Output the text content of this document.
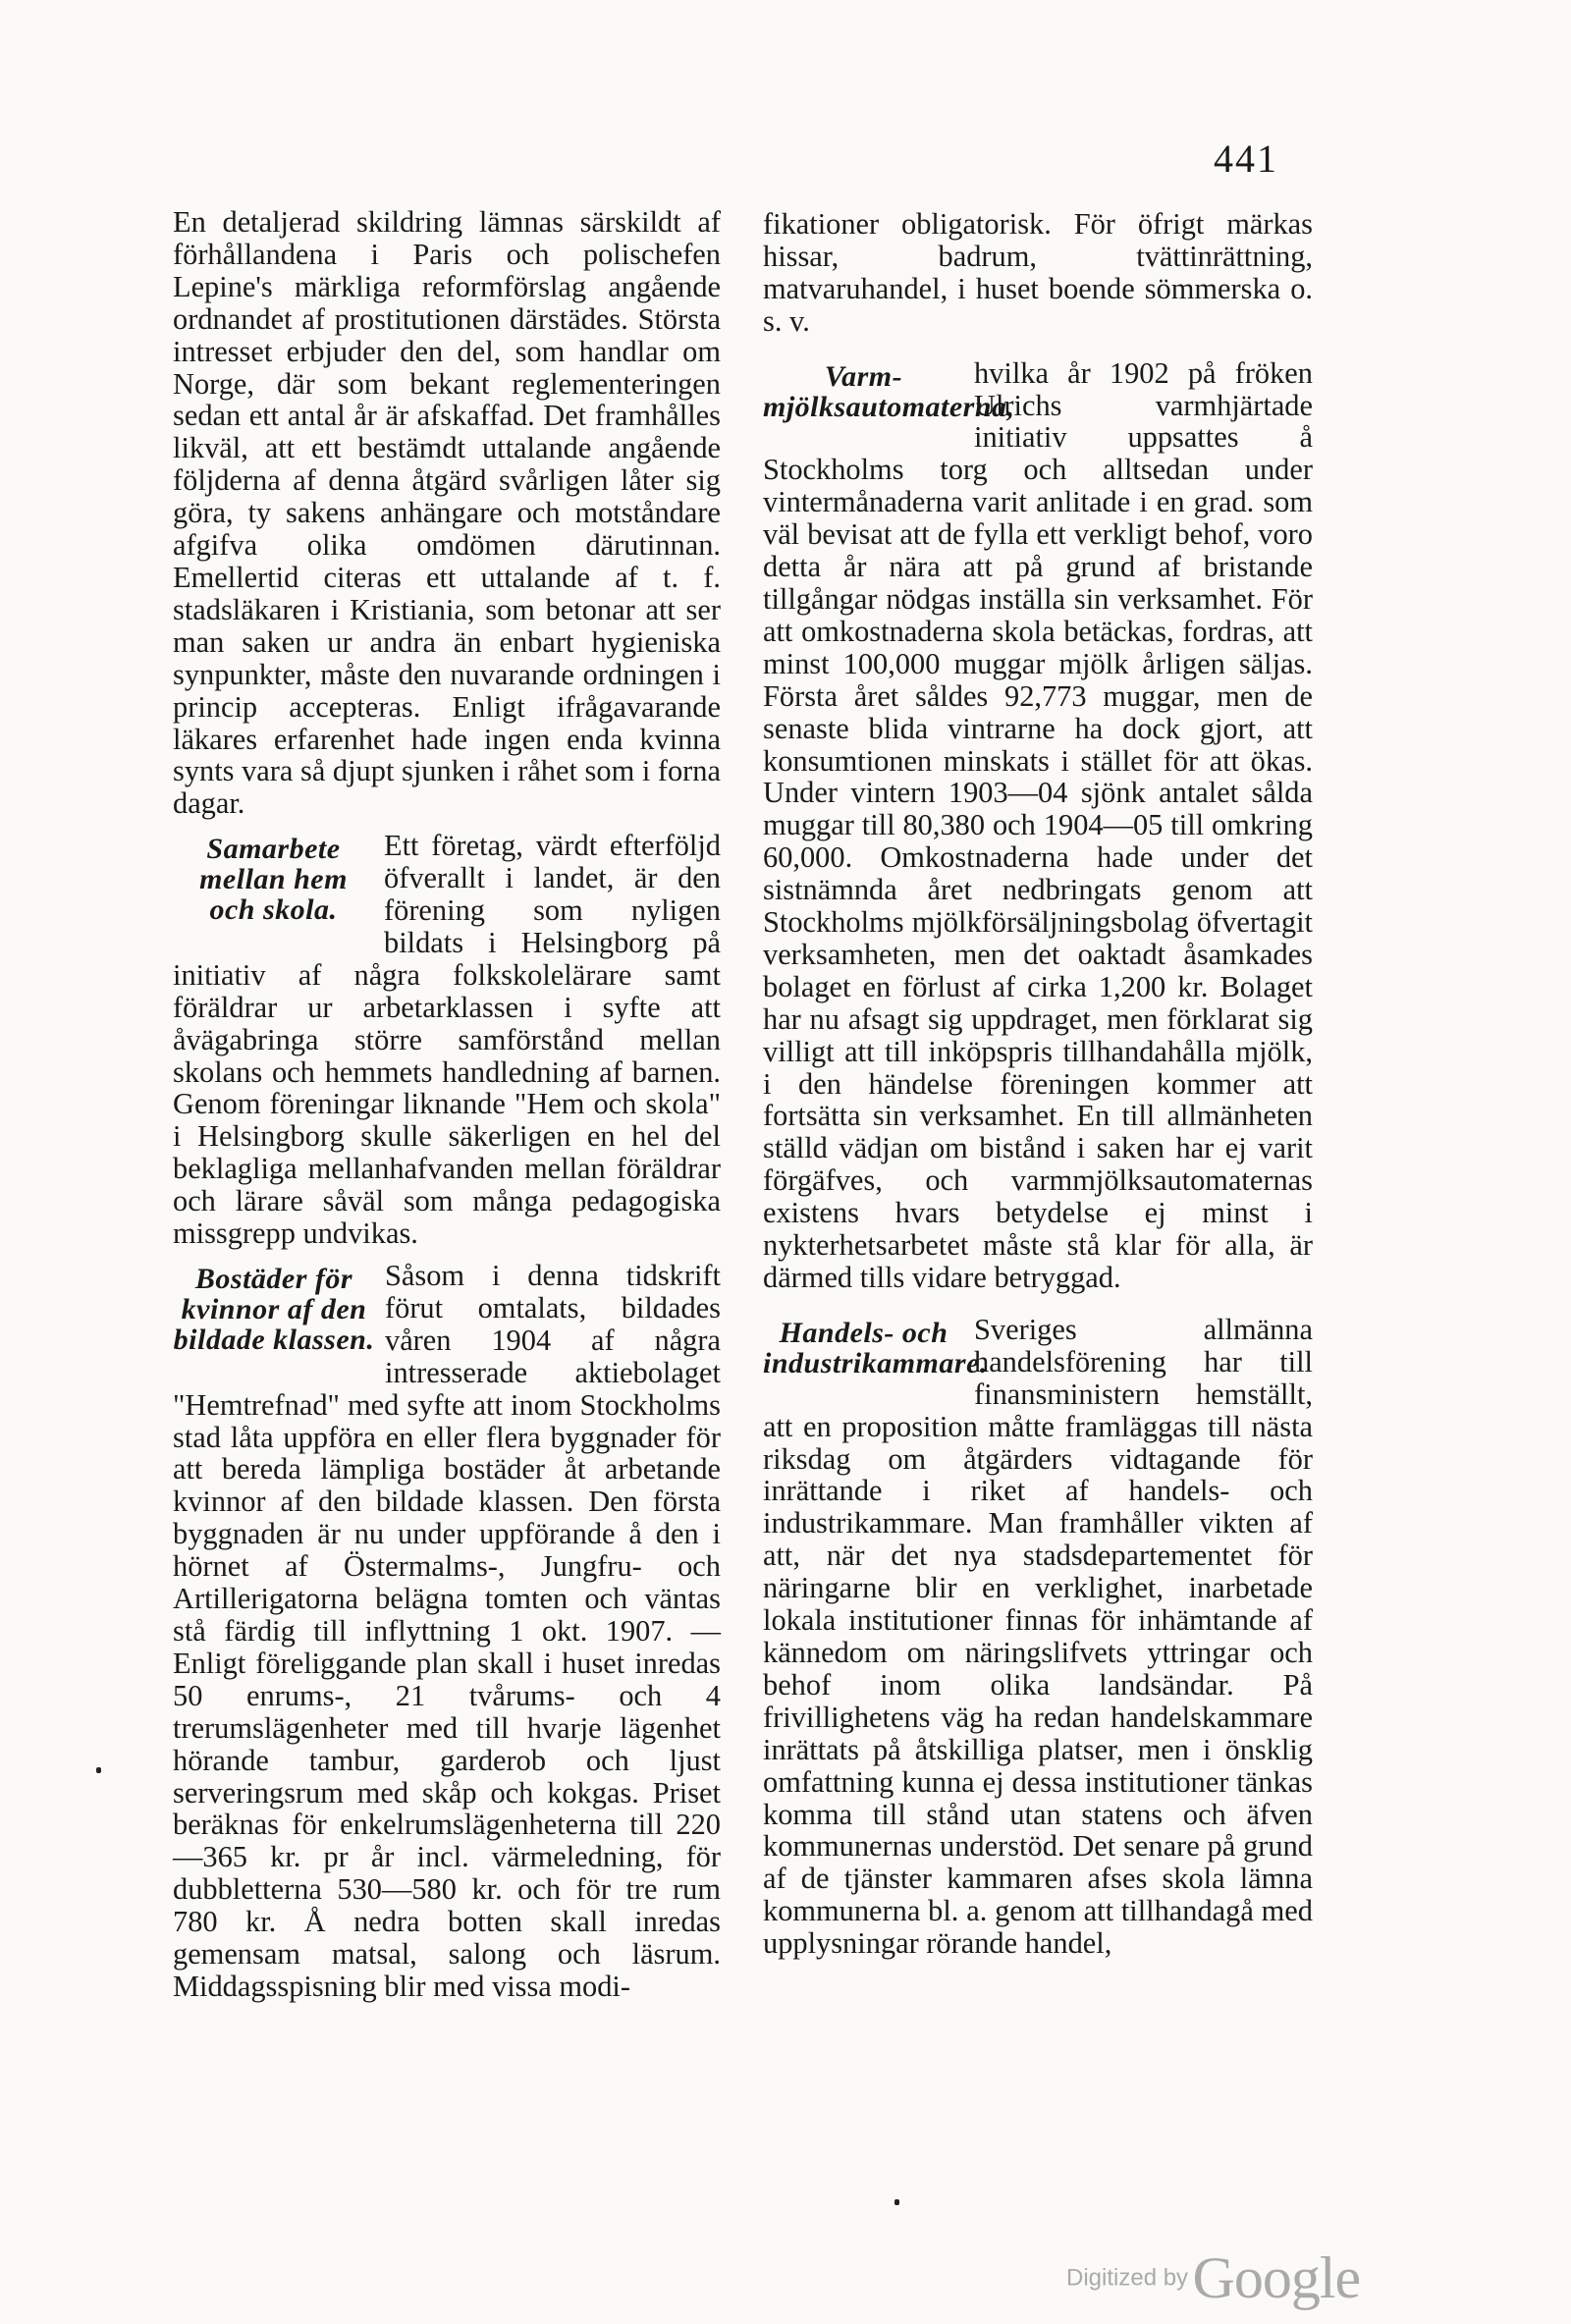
441

En detaljerad skildring lämnas särskildt af förhållandena i Paris och polischefen Lepine's märkliga reformförslag angående ordnandet af prostitutionen därstädes. Största intresset erbjuder den del, som handlar om Norge, där som bekant reglementeringen sedan ett antal år är afskaffad. Det framhålles likväl, att ett bestämdt uttalande angående följderna af denna åtgärd svårligen låter sig göra, ty sakens anhängare och motståndare afgifva olika omdömen därutinnan. Emellertid citeras ett uttalande af t. f. stadsläkaren i Kristiania, som betonar att ser man saken ur andra än enbart hygieniska synpunkter, måste den nuvarande ordningen i princip accepteras. Enligt ifrågavarande läkares erfarenhet hade ingen enda kvinna synts vara så djupt sjunken i råhet som i forna dagar.

Samarbete mellan hem och skola.

Ett företag, värdt efterföljd öfverallt i landet, är den förening som nyligen bildats i Helsingborg på initiativ af några folkskolelärare samt föräldrar ur arbetarklassen i syfte att åvägabringa större samförstånd mellan skolans och hemmets handledning af barnen. Genom föreningar liknande "Hem och skola" i Helsingborg skulle säkerligen en hel del beklagliga mellanhafvanden mellan föräldrar och lärare såväl som många pedagogiska missgrepp undvikas.

Bostäder för kvinnor af den bildade klassen.

Såsom i denna tidskrift förut omtalats, bildades våren 1904 af några intresserade aktiebolaget "Hemtrefnad" med syfte att inom Stockholms stad låta uppföra en eller flera byggnader för att bereda lämpliga bostäder åt arbetande kvinnor af den bildade klassen. Den första byggnaden är nu under uppförande å den i hörnet af Östermalms-, Jungfru- och Artillerigatorna belägna tomten och väntas stå färdig till inflyttning 1 okt. 1907. — Enligt föreliggande plan skall i huset inredas 50 enrums-, 21 tvårums- och 4 trerumslägenheter med till hvarje lägenhet hörande tambur, garderob och ljust serveringsrum med skåp och kokgas. Priset beräknas för enkelrumslägenheterna till 220—365 kr. pr år incl. värmeledning, för dubbletterna 530—580 kr. och för tre rum 780 kr. Å nedra botten skall inredas gemensam matsal, salong och läsrum. Middagsspisning blir med vissa modi-

fikationer obligatorisk. För öfrigt märkas hissar, badrum, tvättinrättning, matvaruhandel, i huset boende sömmerska o. s. v.

Varm-mjölksautomaterna,

hvilka år 1902 på fröken Ulrichs varmhjärtade initiativ uppsattes å Stockholms torg och alltsedan under vintermånaderna varit anlitade i en grad. som väl bevisat att de fylla ett verkligt behof, voro detta år nära att på grund af bristande tillgångar nödgas inställa sin verksamhet. För att omkostnaderna skola betäckas, fordras, att minst 100,000 muggar mjölk årligen säljas. Första året såldes 92,773 muggar, men de senaste blida vintrarne ha dock gjort, att konsumtionen minskats i stället för att ökas. Under vintern 1903—04 sjönk antalet sålda muggar till 80,380 och 1904—05 till omkring 60,000. Omkostnaderna hade under det sistnämnda året nedbringats genom att Stockholms mjölkförsäljningsbolag öfvertagit verksamheten, men det oaktadt åsamkades bolaget en förlust af cirka 1,200 kr. Bolaget har nu afsagt sig uppdraget, men förklarat sig villigt att till inköpspris tillhandahålla mjölk, i den händelse föreningen kommer att fortsätta sin verksamhet. En till allmänheten ställd vädjan om bistånd i saken har ej varit förgäfves, och varmmjölksautomaternas existens hvars betydelse ej minst i nykterhetsarbetet måste stå klar för alla, är därmed tills vidare betryggad.

Handels- och industrikammare.

Sveriges allmänna handelsförening har till finansministern hemställt, att en proposition måtte framläggas till nästa riksdag om åtgärders vidtagande för inrättande i riket af handels- och industrikammare. Man framhåller vikten af att, när det nya stadsdepartementet för näringarne blir en verklighet, inarbetade lokala institutioner finnas för inhämtande af kännedom om näringslifvets yttringar och behof inom olika landsändar. På frivillighetens väg ha redan handelskammare inrättats på åtskilliga platser, men i önsklig omfattning kunna ej dessa institutioner tänkas komma till stånd utan statens och äfven kommunernas understöd. Det senare på grund af de tjänster kammaren afses skola lämna kommunerna bl. a. genom att tillhandagå med upplysningar rörande handel,

Digitized by Google
